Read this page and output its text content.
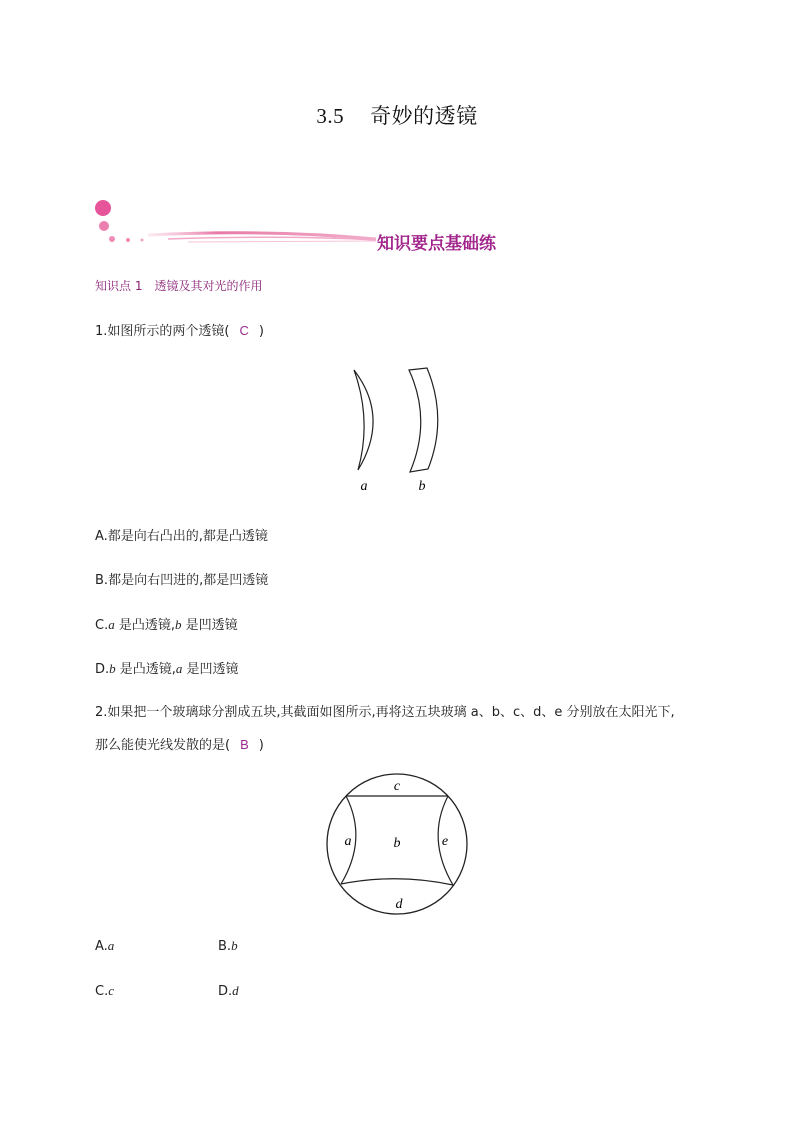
3.5 奇妙的透镜
知识要点基础练
知识点 1 透镜及其对光的作用
1.如图所示的两个透镜( C )
a	b
A.都是向右凸出的,都是凸透镜
B.都是向右凹进的,都是凹透镜
C.a 是凸透镜,b 是凹透镜
D.b 是凸透镜,a 是凹透镜
2.如果把一个玻璃球分割成五块,其截面如图所示,再将这五块玻璃 a、b、c、d、e 分别放在太阳光下,
那么能使光线发散的是( B )
c
a	b	e
d
A.a	B.b
C.c	D.d
